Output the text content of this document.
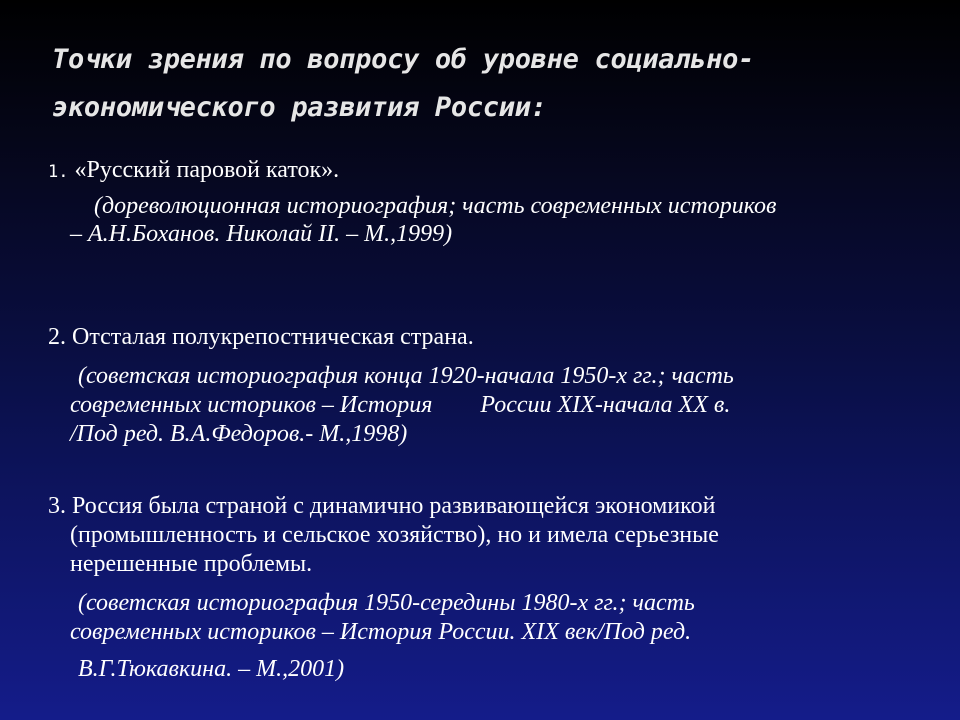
Точки зрения по вопросу об уровне социально-
экономического развития России:
1. «Русский паровой каток».
(дореволюционная историография; часть современных историков
– А.Н.Боханов. Николай II. – М.,1999)
2. Отсталая полукрепостническая страна.
(советская историография конца 1920-начала 1950-х гг.; часть
современных историков – История        России XIX-начала XX в.
/Под ред. В.А.Федоров.- М.,1998)
3. Россия была страной с динамично развивающейся экономикой
(промышленность и сельское хозяйство), но и имела серьезные
нерешенные проблемы.
(советская историография 1950-середины 1980-х гг.; часть
современных историков – История России. XIX век/Под ред.
В.Г.Тюкавкина. – М.,2001)
